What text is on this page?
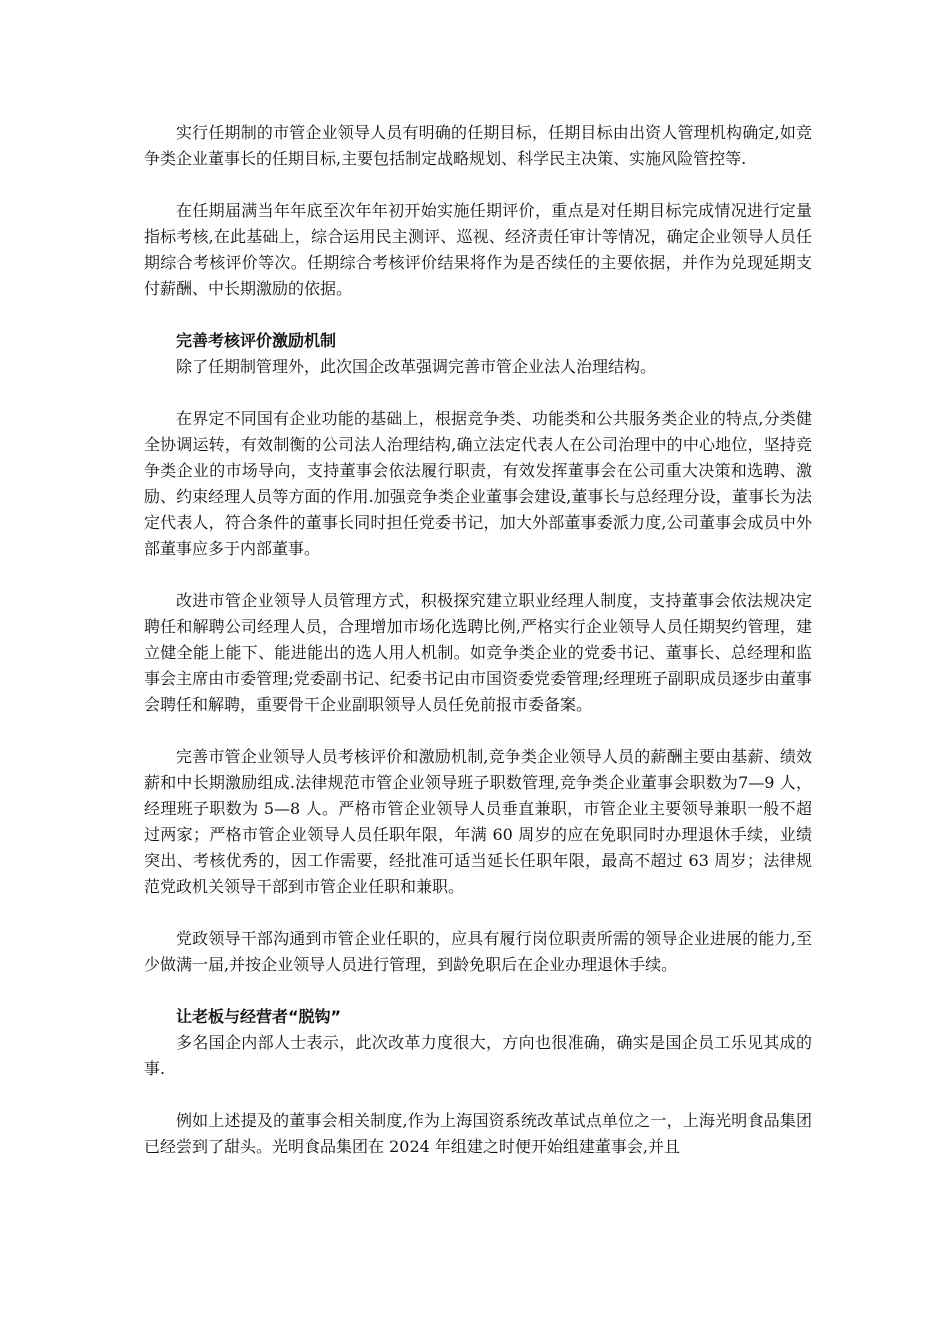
实行任期制的市管企业领导人员有明确的任期目标，任期目标由出资人管理机构确定,如竞争类企业董事长的任期目标,主要包括制定战略规划、科学民主决策、实施风险管控等.

在任期届满当年年底至次年年初开始实施任期评价，重点是对任期目标完成情况进行定量指标考核,在此基础上，综合运用民主测评、巡视、经济责任审计等情况，确定企业领导人员任期综合考核评价等次。任期综合考核评价结果将作为是否续任的主要依据，并作为兑现延期支付薪酬、中长期激励的依据。

完善考核评价激励机制

除了任期制管理外，此次国企改革强调完善市管企业法人治理结构。

在界定不同国有企业功能的基础上，根据竞争类、功能类和公共服务类企业的特点,分类健全协调运转，有效制衡的公司法人治理结构,确立法定代表人在公司治理中的中心地位，坚持竞争类企业的市场导向，支持董事会依法履行职责，有效发挥董事会在公司重大决策和选聘、激励、约束经理人员等方面的作用.加强竞争类企业董事会建设,董事长与总经理分设，董事长为法定代表人，符合条件的董事长同时担任党委书记，加大外部董事委派力度,公司董事会成员中外部董事应多于内部董事。

改进市管企业领导人员管理方式，积极探究建立职业经理人制度，支持董事会依法规决定聘任和解聘公司经理人员，合理增加市场化选聘比例,严格实行企业领导人员任期契约管理，建立健全能上能下、能进能出的选人用人机制。如竞争类企业的党委书记、董事长、总经理和监事会主席由市委管理;党委副书记、纪委书记由市国资委党委管理;经理班子副职成员逐步由董事会聘任和解聘，重要骨干企业副职领导人员任免前报市委备案。

完善市管企业领导人员考核评价和激励机制,竞争类企业领导人员的薪酬主要由基薪、绩效薪和中长期激励组成.法律规范市管企业领导班子职数管理,竞争类企业董事会职数为7—9 人，经理班子职数为 5—8 人。严格市管企业领导人员垂直兼职，市管企业主要领导兼职一般不超过两家；严格市管企业领导人员任职年限，年满 60 周岁的应在免职同时办理退休手续，业绩突出、考核优秀的，因工作需要，经批准可适当延长任职年限，最高不超过 63 周岁；法律规范党政机关领导干部到市管企业任职和兼职。

党政领导干部沟通到市管企业任职的，应具有履行岗位职责所需的领导企业进展的能力,至少做满一届,并按企业领导人员进行管理，到龄免职后在企业办理退休手续。

让老板与经营者“脱钩”

多名国企内部人士表示，此次改革力度很大，方向也很准确，确实是国企员工乐见其成的事.

例如上述提及的董事会相关制度,作为上海国资系统改革试点单位之一，上海光明食品集团已经尝到了甜头。光明食品集团在 2024 年组建之时便开始组建董事会,并且
